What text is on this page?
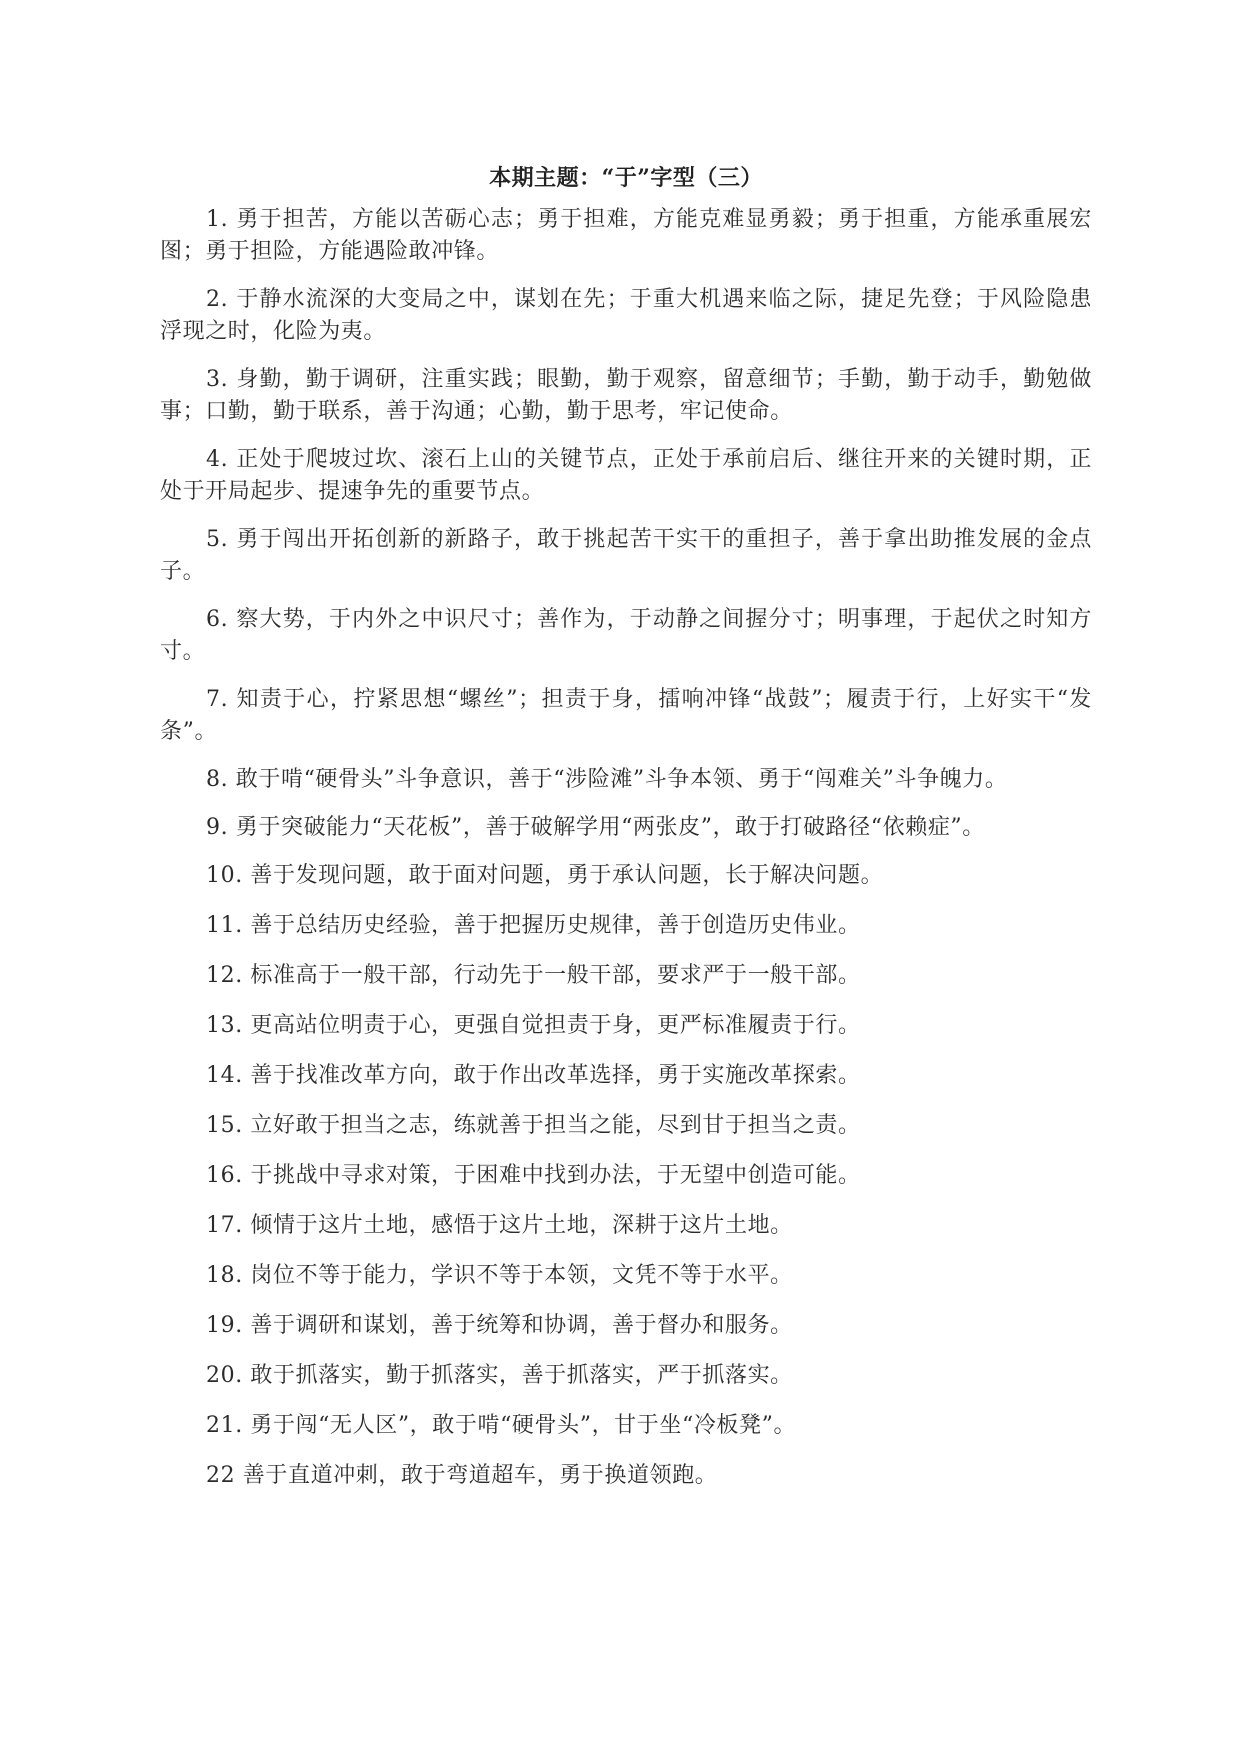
本期主题：“于”字型（三）

1. 勇于担苦，方能以苦砺心志；勇于担难，方能克难显勇毅；勇于担重，方能承重展宏图；勇于担险，方能遇险敢冲锋。

2. 于静水流深的大变局之中，谋划在先；于重大机遇来临之际，捷足先登；于风险隐患浮现之时，化险为夷。

3. 身勤，勤于调研，注重实践；眼勤，勤于观察，留意细节；手勤，勤于动手，勤勉做事；口勤，勤于联系，善于沟通；心勤，勤于思考，牢记使命。

4. 正处于爬坡过坎、滚石上山的关键节点，正处于承前启后、继往开来的关键时期，正处于开局起步、提速争先的重要节点。

5. 勇于闯出开拓创新的新路子，敢于挑起苦干实干的重担子，善于拿出助推发展的金点子。

6. 察大势，于内外之中识尺寸；善作为，于动静之间握分寸；明事理，于起伏之时知方寸。

7. 知责于心，拧紧思想“螺丝”；担责于身，擂响冲锋“战鼓”；履责于行，上好实干“发条”。

8. 敢于啃“硬骨头”斗争意识，善于“涉险滩”斗争本领、勇于“闯难关”斗争魄力。

9. 勇于突破能力“天花板”，善于破解学用“两张皮”，敢于打破路径“依赖症”。

10. 善于发现问题，敢于面对问题，勇于承认问题，长于解决问题。

11. 善于总结历史经验，善于把握历史规律，善于创造历史伟业。

12. 标准高于一般干部，行动先于一般干部，要求严于一般干部。

13. 更高站位明责于心，更强自觉担责于身，更严标准履责于行。

14. 善于找准改革方向，敢于作出改革选择，勇于实施改革探索。

15. 立好敢于担当之志，练就善于担当之能，尽到甘于担当之责。

16. 于挑战中寻求对策，于困难中找到办法，于无望中创造可能。

17. 倾情于这片土地，感悟于这片土地，深耕于这片土地。

18. 岗位不等于能力，学识不等于本领，文凭不等于水平。

19. 善于调研和谋划，善于统筹和协调，善于督办和服务。

20. 敢于抓落实，勤于抓落实，善于抓落实，严于抓落实。

21. 勇于闯“无人区”，敢于啃“硬骨头”，甘于坐“冷板凳”。

22 善于直道冲刺，敢于弯道超车，勇于换道领跑。
